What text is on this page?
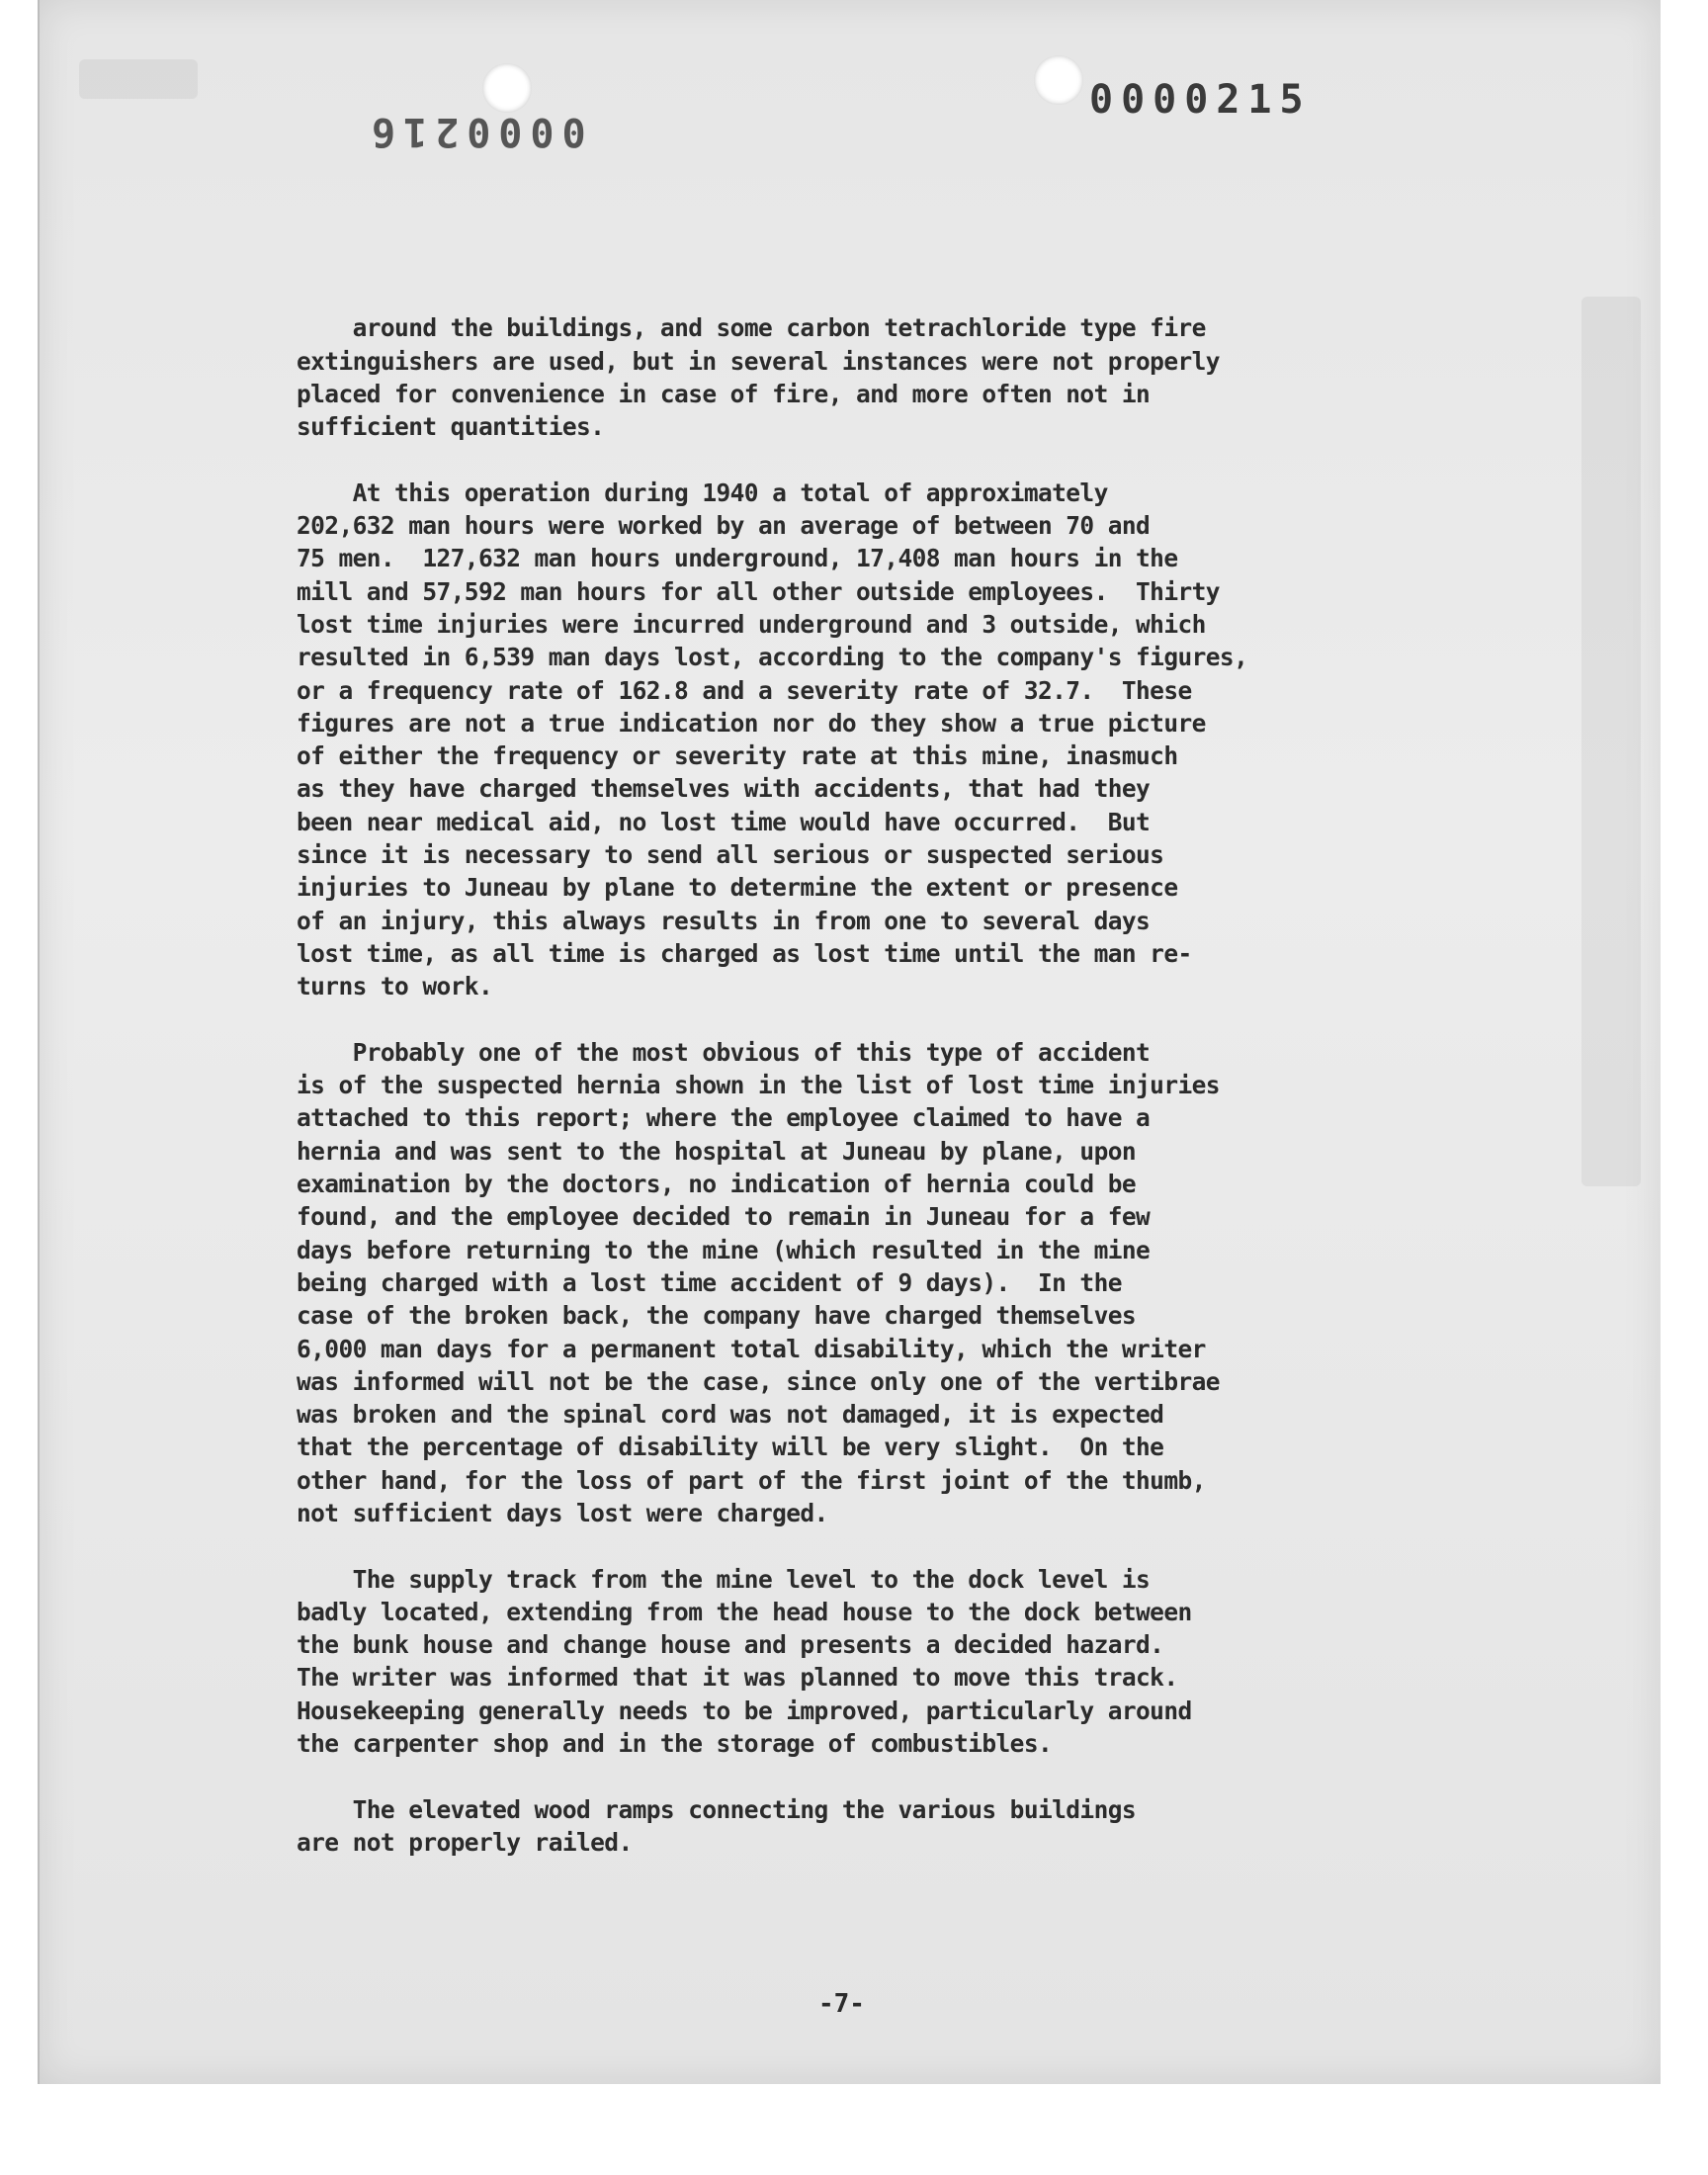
0000215
0000216

around the buildings, and some carbon tetrachloride type fire
extinguishers are used, but in several instances were not properly
placed for convenience in case of fire, and more often not in
sufficient quantities.

At this operation during 1940 a total of approximately
202,632 man hours were worked by an average of between 70 and
75 men.  127,632 man hours underground, 17,408 man hours in the
mill and 57,592 man hours for all other outside employees.  Thirty
lost time injuries were incurred underground and 3 outside, which
resulted in 6,539 man days lost, according to the company's figures,
or a frequency rate of 162.8 and a severity rate of 32.7.  These
figures are not a true indication nor do they show a true picture
of either the frequency or severity rate at this mine, inasmuch
as they have charged themselves with accidents, that had they
been near medical aid, no lost time would have occurred.  But
since it is necessary to send all serious or suspected serious
injuries to Juneau by plane to determine the extent or presence
of an injury, this always results in from one to several days
lost time, as all time is charged as lost time until the man re-
turns to work.

Probably one of the most obvious of this type of accident
is of the suspected hernia shown in the list of lost time injuries
attached to this report; where the employee claimed to have a
hernia and was sent to the hospital at Juneau by plane, upon
examination by the doctors, no indication of hernia could be
found, and the employee decided to remain in Juneau for a few
days before returning to the mine (which resulted in the mine
being charged with a lost time accident of 9 days).  In the
case of the broken back, the company have charged themselves
6,000 man days for a permanent total disability, which the writer
was informed will not be the case, since only one of the vertibrae
was broken and the spinal cord was not damaged, it is expected
that the percentage of disability will be very slight.  On the
other hand, for the loss of part of the first joint of the thumb,
not sufficient days lost were charged.

The supply track from the mine level to the dock level is
badly located, extending from the head house to the dock between
the bunk house and change house and presents a decided hazard.
The writer was informed that it was planned to move this track.
Housekeeping generally needs to be improved, particularly around
the carpenter shop and in the storage of combustibles.

The elevated wood ramps connecting the various buildings
are not properly railed.

-7-
